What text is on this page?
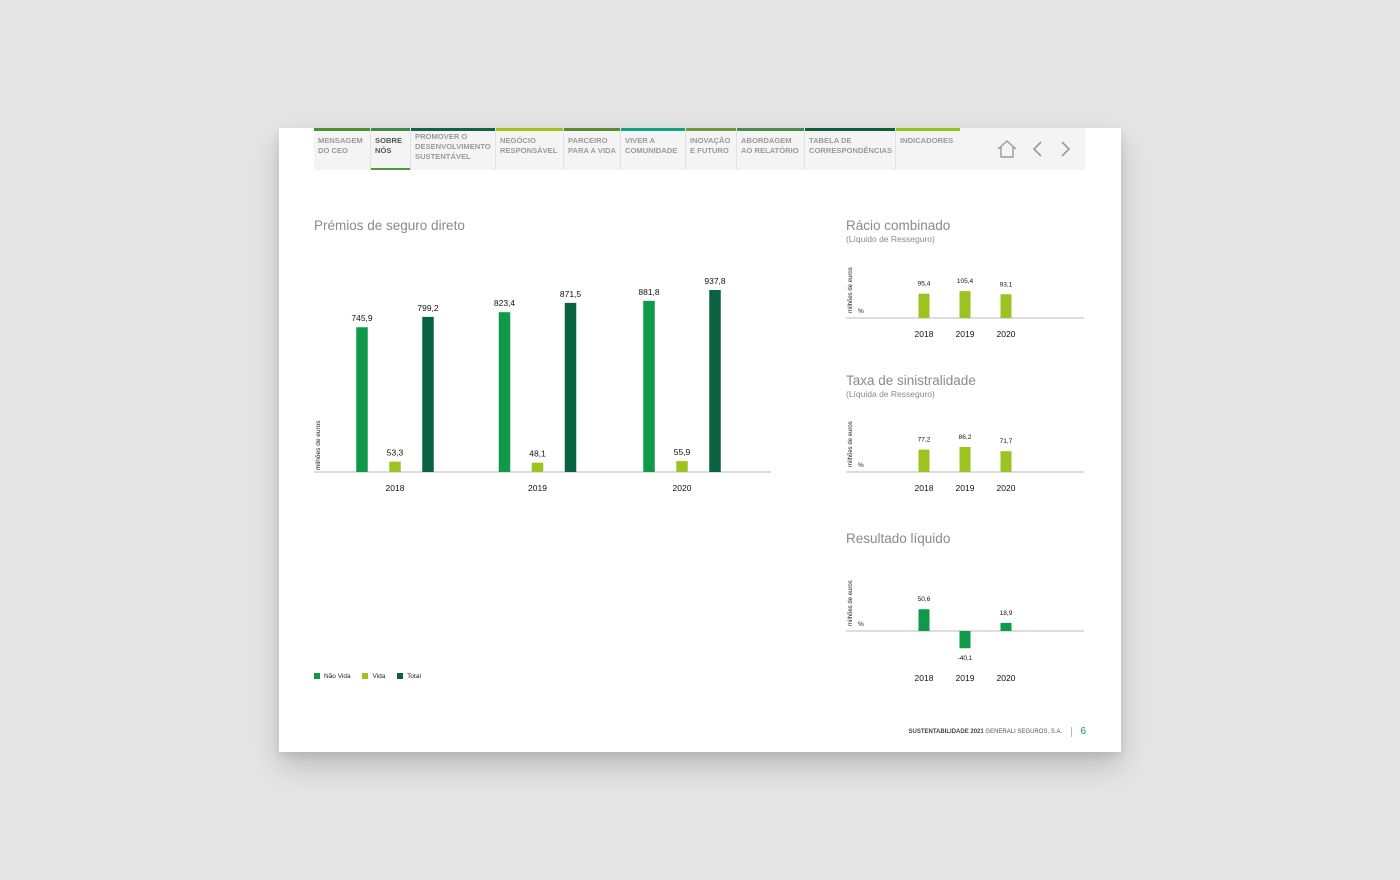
MENSAGEM
DO CEO
SOBRE
NÓS
PROMOVER O
DESENVOLVIMENTO
SUSTENTÁVEL
NEGÓCIO
RESPONSÁVEL
PARCEIRO
PARA A VIDA
VIVER A
COMUNIDADE
INOVAÇÃO
E FUTURO
ABORDAGEM
AO RELATÓRIO
TABELA DE
CORRESPONDÊNCIAS
INDICADORES
Prémios de seguro direto
milhões de euros
2018
745,9
53,3
799,2
2019
823,4
48,1
871,5
2020
881,8
55,9
937,8
Rácio combinado
(Líquido de Resseguro)
milhões de euros %
95,4	105,4	93,1
2018	2019	2020
Taxa de sinistralidade
(Líquida de Resseguro)
milhões de euros %
77,2	86,2
71,7
2018	2019	2020
Resultado líquido
milhões de euros %
50,6
-40,1
18,9
2018	2019	2020
Não Vida	Vida	Total
SUSTENTABILIDADE 2021 GENERALI SEGUROS, S.A. 6
